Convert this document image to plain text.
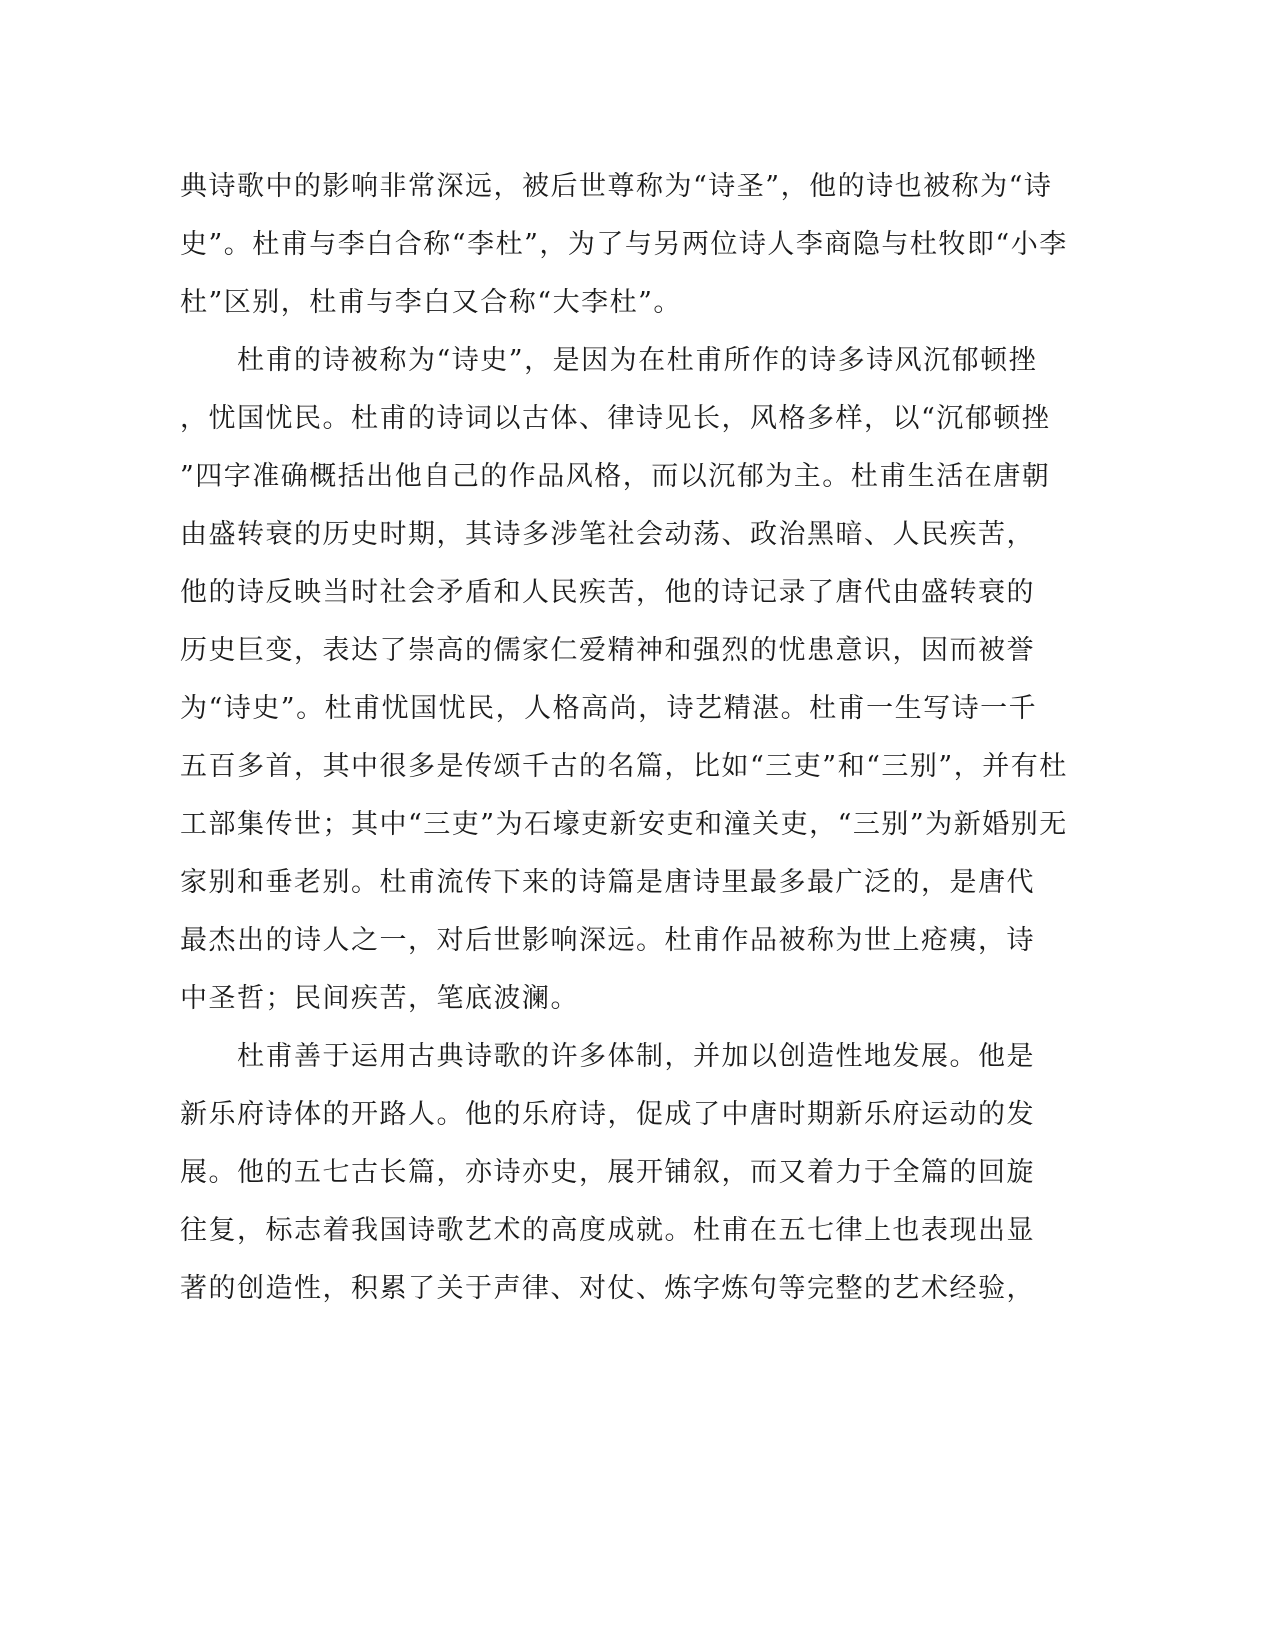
典诗歌中的影响非常深远，被后世尊称为“诗圣”，他的诗也被称为“诗
史”。杜甫与李白合称“李杜”，为了与另两位诗人李商隐与杜牧即“小李
杜”区别，杜甫与李白又合称“大李杜”。
　　杜甫的诗被称为“诗史”，是因为在杜甫所作的诗多诗风沉郁顿挫
，忧国忧民。杜甫的诗词以古体、律诗见长，风格多样，以“沉郁顿挫
”四字准确概括出他自己的作品风格，而以沉郁为主。杜甫生活在唐朝
由盛转衰的历史时期，其诗多涉笔社会动荡、政治黑暗、人民疾苦，
他的诗反映当时社会矛盾和人民疾苦，他的诗记录了唐代由盛转衰的
历史巨变，表达了崇高的儒家仁爱精神和强烈的忧患意识，因而被誉
为“诗史”。杜甫忧国忧民，人格高尚，诗艺精湛。杜甫一生写诗一千
五百多首，其中很多是传颂千古的名篇，比如“三吏”和“三别”，并有杜
工部集传世；其中“三吏”为石壕吏新安吏和潼关吏，“三别”为新婚别无
家别和垂老别。杜甫流传下来的诗篇是唐诗里最多最广泛的，是唐代
最杰出的诗人之一，对后世影响深远。杜甫作品被称为世上疮痍，诗
中圣哲；民间疾苦，笔底波澜。
　　杜甫善于运用古典诗歌的许多体制，并加以创造性地发展。他是
新乐府诗体的开路人。他的乐府诗，促成了中唐时期新乐府运动的发
展。他的五七古长篇，亦诗亦史，展开铺叙，而又着力于全篇的回旋
往复，标志着我国诗歌艺术的高度成就。杜甫在五七律上也表现出显
著的创造性，积累了关于声律、对仗、炼字炼句等完整的艺术经验，
